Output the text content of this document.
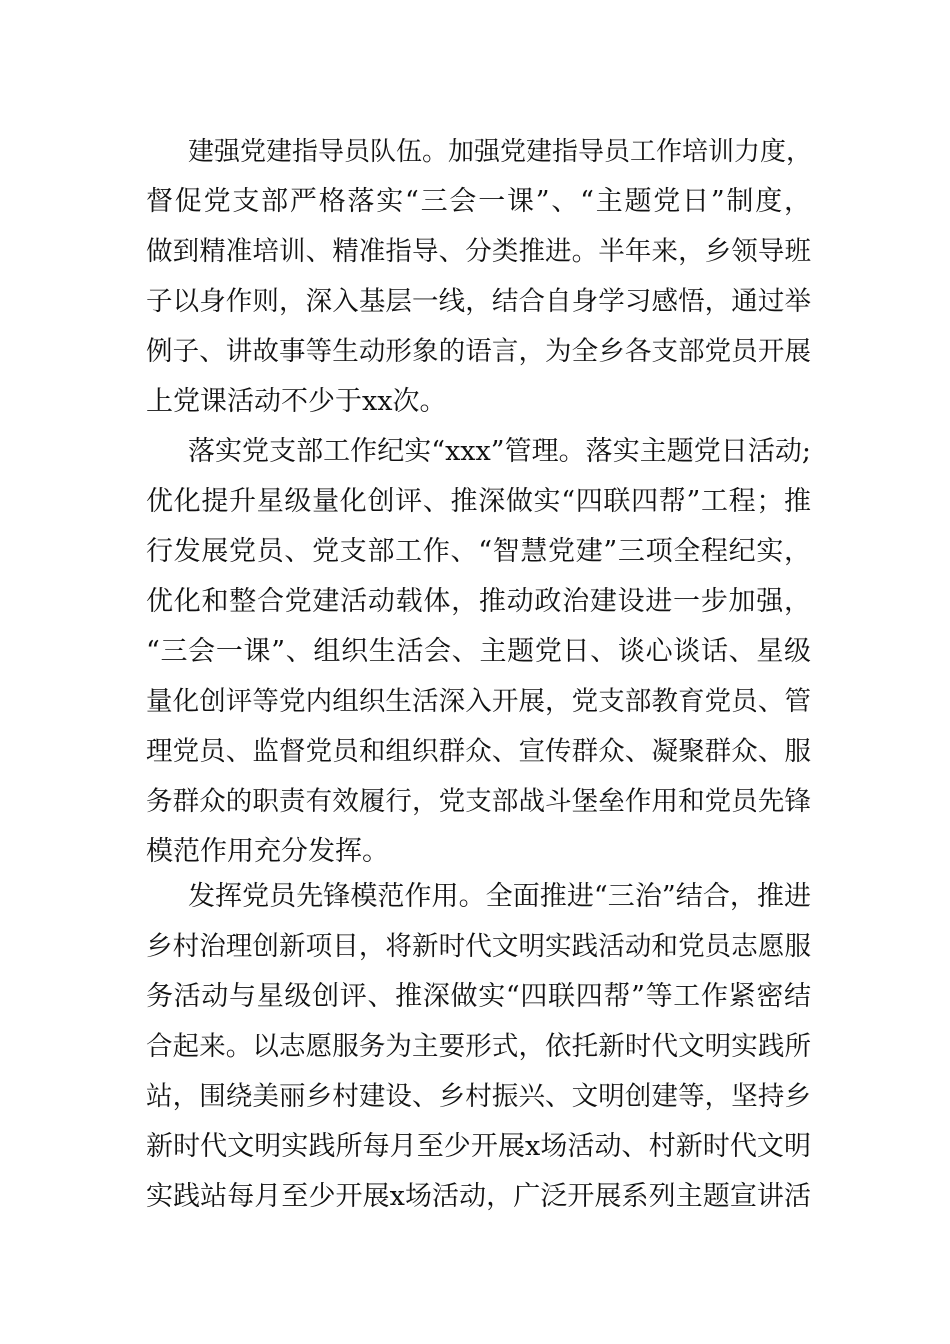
建强党建指导员队伍。加强党建指导员工作培训力度，
督促党支部严格落实“三会一课”、“主题党日”制度，
做到精准培训、精准指导、分类推进。半年来，乡领导班
子以身作则，深入基层一线，结合自身学习感悟，通过举
例子、讲故事等生动形象的语言，为全乡各支部党员开展
上党课活动不少于xx次。
落实党支部工作纪实“xxx”管理。落实主题党日活动;
优化提升星级量化创评、推深做实“四联四帮”工程；推
行发展党员、党支部工作、“智慧党建”三项全程纪实，
优化和整合党建活动载体，推动政治建设进一步加强，
“三会一课”、组织生活会、主题党日、谈心谈话、星级
量化创评等党内组织生活深入开展，党支部教育党员、管
理党员、监督党员和组织群众、宣传群众、凝聚群众、服
务群众的职责有效履行，党支部战斗堡垒作用和党员先锋
模范作用充分发挥。
发挥党员先锋模范作用。全面推进“三治”结合，推进
乡村治理创新项目，将新时代文明实践活动和党员志愿服
务活动与星级创评、推深做实“四联四帮”等工作紧密结
合起来。以志愿服务为主要形式，依托新时代文明实践所
站，围绕美丽乡村建设、乡村振兴、文明创建等，坚持乡
新时代文明实践所每月至少开展x场活动、村新时代文明
实践站每月至少开展x场活动，广泛开展系列主题宣讲活
